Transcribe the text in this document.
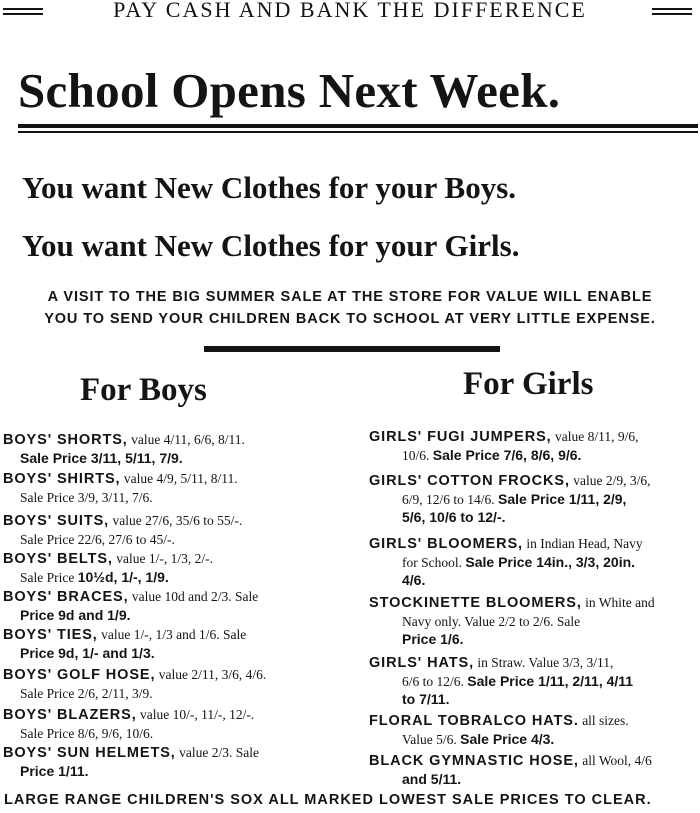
PAY CASH AND BANK THE DIFFERENCE
School Opens Next Week.
You want New Clothes for your Boys.
You want New Clothes for your Girls.
A VISIT TO THE BIG SUMMER SALE AT THE STORE FOR VALUE WILL ENABLE
YOU TO SEND YOUR CHILDREN BACK TO SCHOOL AT VERY LITTLE EXPENSE.
For Boys	For Girls
BOYS' SHORTS, value 4/11, 6/6, 8/11.
Sale Price 3/11, 5/11, 7/9.
BOYS' SHIRTS, value 4/9, 5/11, 8/11.
Sale Price 3/9, 3/11, 7/6.
BOYS' SUITS, value 27/6, 35/6 to 55/-.
Sale Price 22/6, 27/6 to 45/-.
BOYS' BELTS, value 1/-, 1/3, 2/-.
Sale Price 10½d, 1/-, 1/9.
BOYS' BRACES, value 10d and 2/3. Sale
Price 9d and 1/9.
BOYS' TIES, value 1/-, 1/3 and 1/6. Sale
Price 9d, 1/- and 1/3.
BOYS' GOLF HOSE, value 2/11, 3/6, 4/6.
Sale Price 2/6, 2/11, 3/9.
BOYS' BLAZERS, value 10/-, 11/-, 12/-.
Sale Price 8/6, 9/6, 10/6.
BOYS' SUN HELMETS, value 2/3. Sale
Price 1/11.
GIRLS' FUGI JUMPERS, value 8/11, 9/6,
10/6. Sale Price 7/6, 8/6, 9/6.
GIRLS' COTTON FROCKS, value 2/9, 3/6,
6/9, 12/6 to 14/6. Sale Price 1/11, 2/9,
5/6, 10/6 to 12/-.
GIRLS' BLOOMERS, in Indian Head, Navy
for School. Sale Price 14in., 3/3, 20in.
4/6.
STOCKINETTE BLOOMERS, in White and
Navy only. Value 2/2 to 2/6. Sale
Price 1/6.
GIRLS' HATS, in Straw. Value 3/3, 3/11,
6/6 to 12/6. Sale Price 1/11, 2/11, 4/11
to 7/11.
FLORAL TOBRALCO HATS. all sizes.
Value 5/6. Sale Price 4/3.
BLACK GYMNASTIC HOSE, all Wool, 4/6
and 5/11.
LARGE RANGE CHILDREN'S SOX ALL MARKED LOWEST SALE PRICES TO CLEAR.
